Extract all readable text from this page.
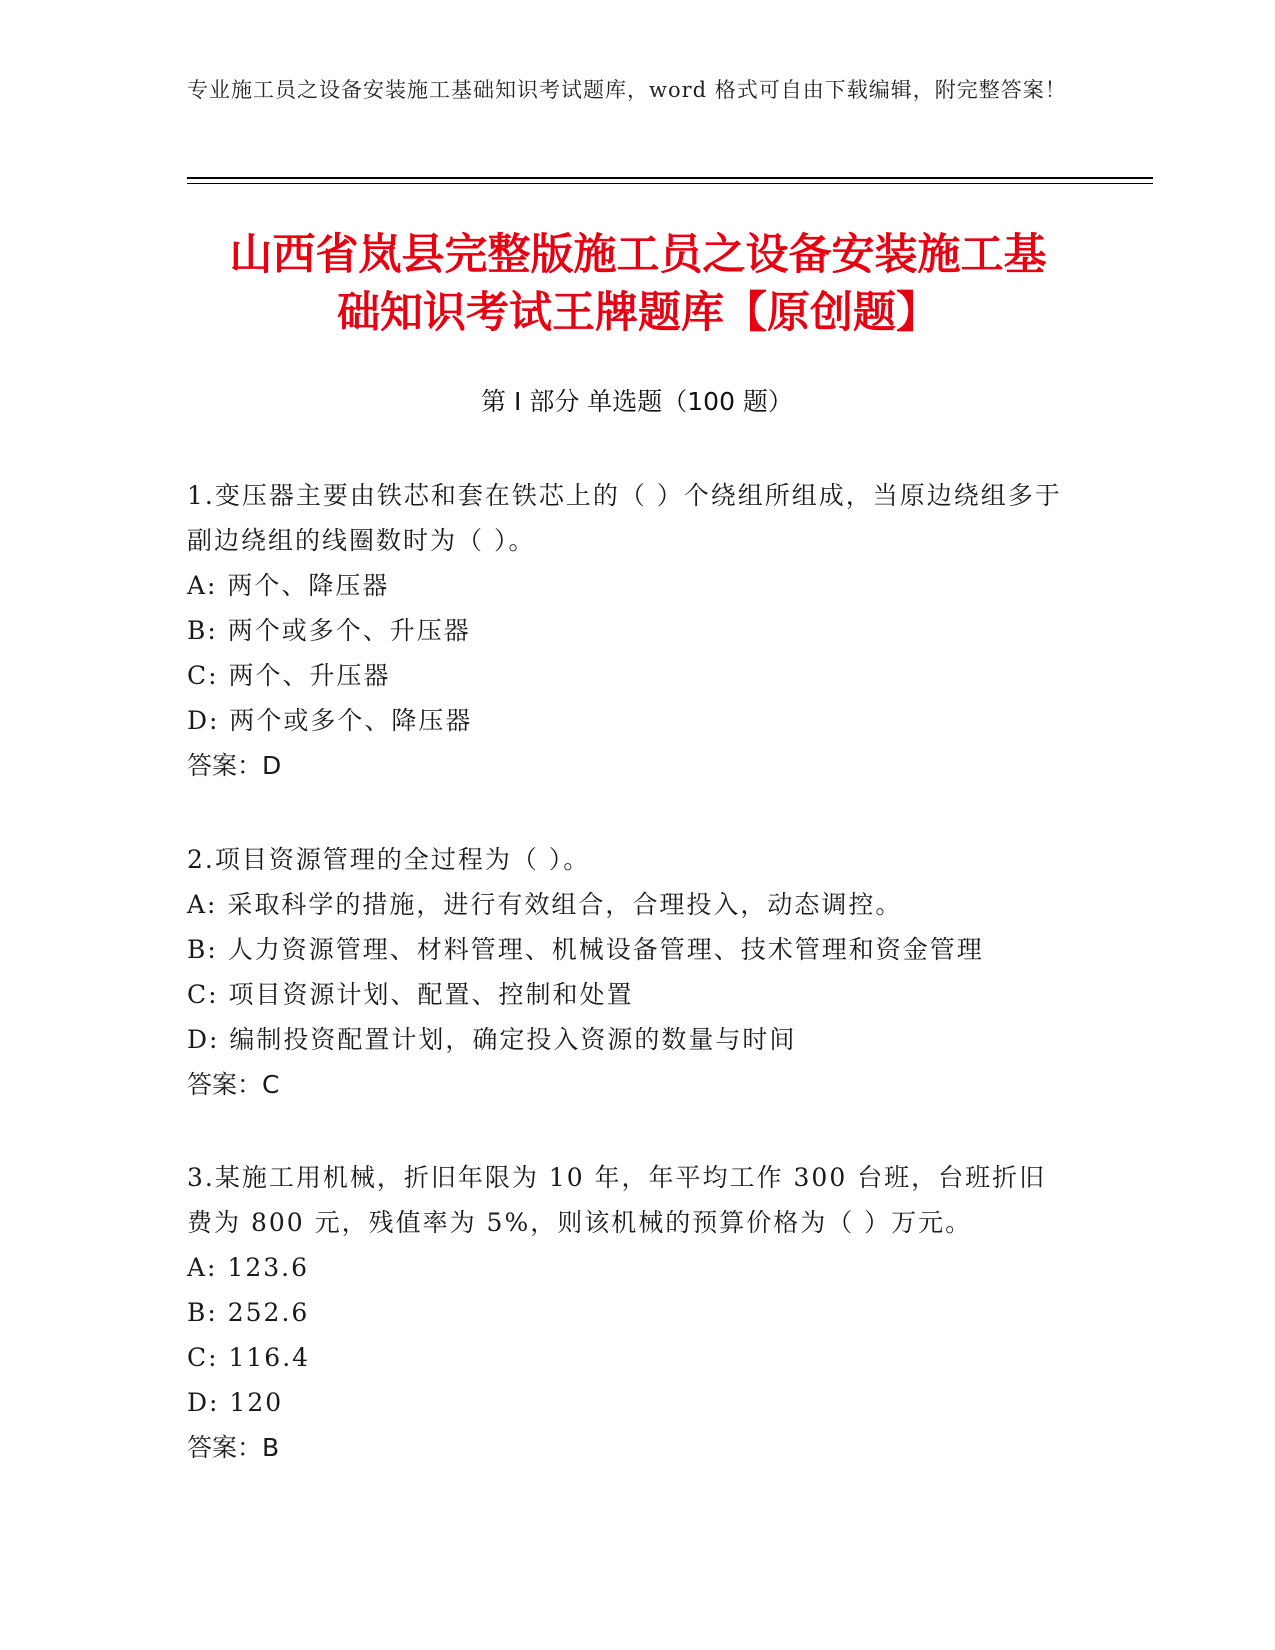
专业施工员之设备安装施工基础知识考试题库，word 格式可自由下载编辑，附完整答案！
山西省岚县完整版施工员之设备安装施工基
础知识考试王牌题库【原创题】
第 I 部分 单选题（100 题）

1.变压器主要由铁芯和套在铁芯上的（ ）个绕组所组成，当原边绕组多于副边绕组的线圈数时为（ ）。

A: 两个、降压器

B: 两个或多个、升压器

C: 两个、升压器

D: 两个或多个、降压器

答案：D

2.项目资源管理的全过程为（ ）。

A: 采取科学的措施，进行有效组合，合理投入，动态调控。

B: 人力资源管理、材料管理、机械设备管理、技术管理和资金管理

C: 项目资源计划、配置、控制和处置

D: 编制投资配置计划，确定投入资源的数量与时间

答案：C

3.某施工用机械，折旧年限为 10 年，年平均工作 300 台班，台班折旧费为 800 元，残值率为 5%，则该机械的预算价格为（ ）万元。

A: 123.6

B: 252.6

C: 116.4

D: 120

答案：B
